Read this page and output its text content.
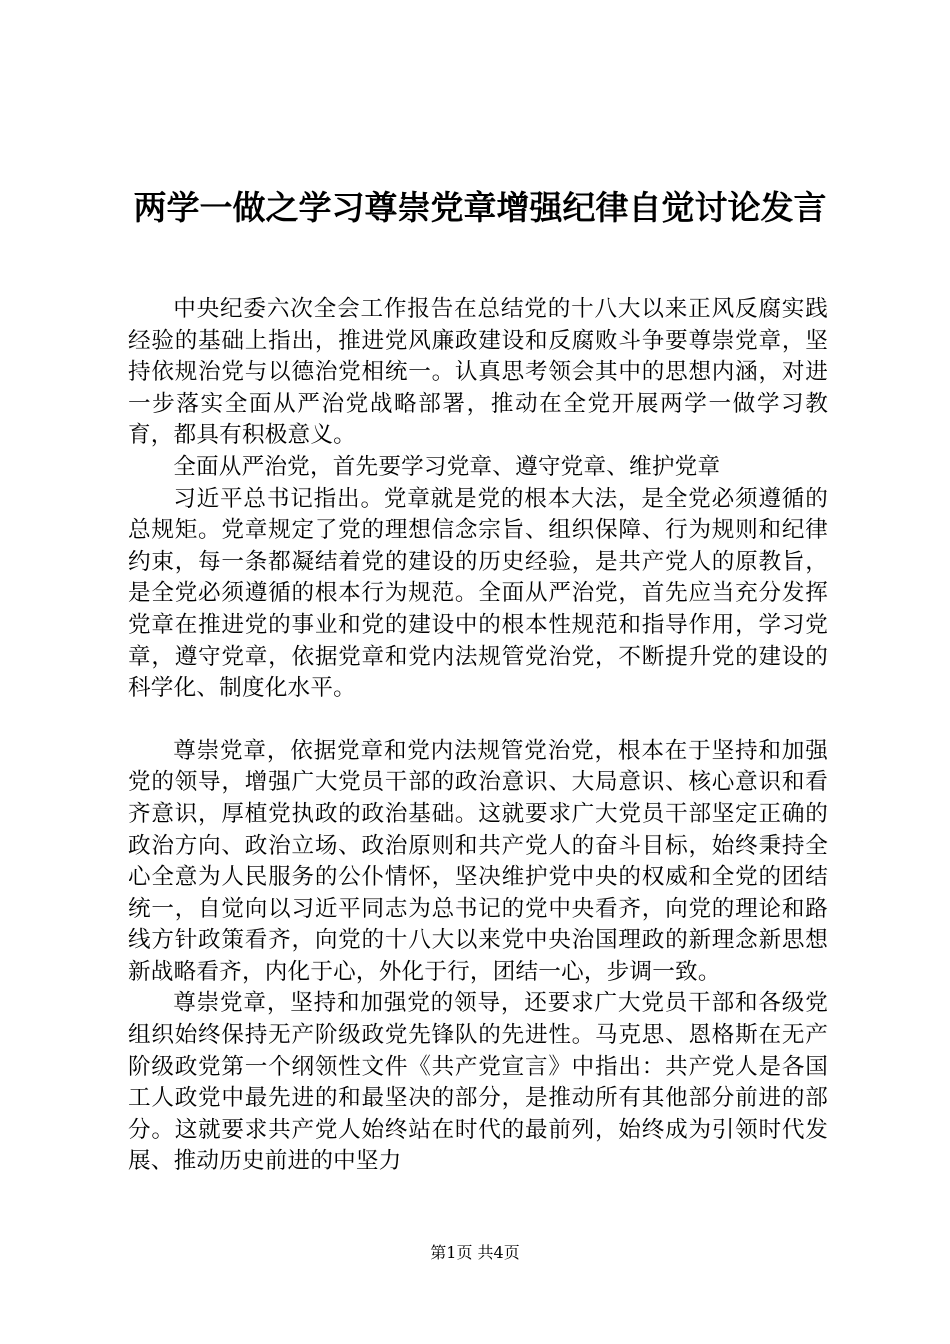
两学一做之学习尊崇党章增强纪律自觉讨论发言

中央纪委六次全会工作报告在总结党的十八大以来正风反腐实践经验的基础上指出，推进党风廉政建设和反腐败斗争要尊崇党章，坚持依规治党与以德治党相统一。认真思考领会其中的思想内涵，对进一步落实全面从严治党战略部署，推动在全党开展两学一做学习教育，都具有积极意义。

全面从严治党，首先要学习党章、遵守党章、维护党章

习近平总书记指出。党章就是党的根本大法，是全党必须遵循的总规矩。党章规定了党的理想信念宗旨、组织保障、行为规则和纪律约束，每一条都凝结着党的建设的历史经验，是共产党人的原教旨，是全党必须遵循的根本行为规范。全面从严治党，首先应当充分发挥党章在推进党的事业和党的建设中的根本性规范和指导作用，学习党章，遵守党章，依据党章和党内法规管党治党，不断提升党的建设的科学化、制度化水平。

尊崇党章，依据党章和党内法规管党治党，根本在于坚持和加强党的领导，增强广大党员干部的政治意识、大局意识、核心意识和看齐意识，厚植党执政的政治基础。这就要求广大党员干部坚定正确的政治方向、政治立场、政治原则和共产党人的奋斗目标，始终秉持全心全意为人民服务的公仆情怀，坚决维护党中央的权威和全党的团结统一，自觉向以习近平同志为总书记的党中央看齐，向党的理论和路线方针政策看齐，向党的十八大以来党中央治国理政的新理念新思想新战略看齐，内化于心，外化于行，团结一心，步调一致。

尊崇党章，坚持和加强党的领导，还要求广大党员干部和各级党组织始终保持无产阶级政党先锋队的先进性。马克思、恩格斯在无产阶级政党第一个纲领性文件《共产党宣言》中指出：共产党人是各国工人政党中最先进的和最坚决的部分，是推动所有其他部分前进的部分。这就要求共产党人始终站在时代的最前列，始终成为引领时代发展、推动历史前进的中坚力

第1页 共4页
